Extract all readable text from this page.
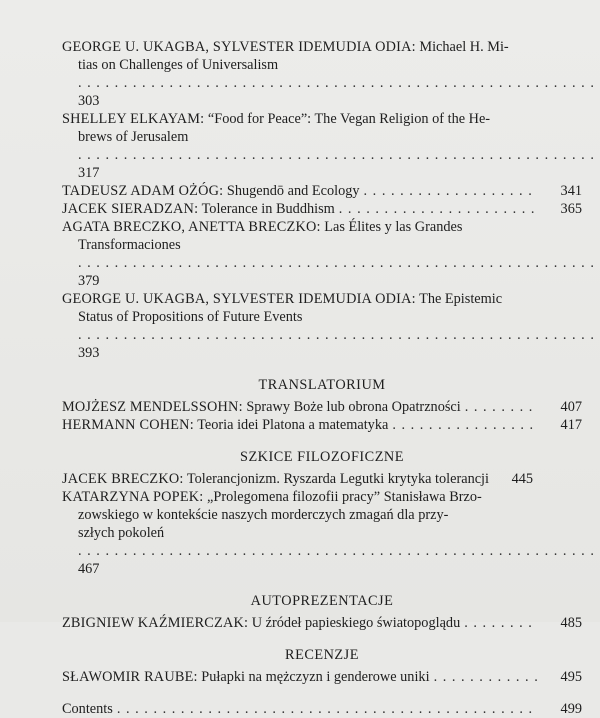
GEORGE U. UKAGBA, SYLVESTER IDEMUDIA ODIA: Michael H. Mi-
tias on Challenges of Universalism . . . 303
SHELLEY ELKAYAM: “Food for Peace”: The Vegan Religion of the He-
brews of Jerusalem . . . 317
TADEUSZ ADAM OŻÓG: Shugendō and Ecology . . .	341
JACEK SIERADZAN: Tolerance in Buddhism . . .	365
AGATA BRECZKO, ANETTA BRECZKO: Las Élites y las Grandes
Transformaciones . . . 379
GEORGE U. UKAGBA, SYLVESTER IDEMUDIA ODIA: The Epistemic
Status of Propositions of Future Events . . . 393
TRANSLATORIUM
MOJŻESZ MENDELSSOHN: Sprawy Boże lub obrona Opatrzności . . .	407
HERMANN COHEN: Teoria idei Platona a matematyka . . .	417
SZKICE FILOZOFICZNE
JACEK BRECZKO: Tolerancjonizm. Ryszarda Legutki krytyka tolerancji	445
KATARZYNA POPEK: „Prolegomena filozofii pracy” Stanisława Brzo-
zowskiego w kontekście naszych morderczych zmagań dla przy-
szłych pokoleń . . . 467
AUTOPREZENTACJE
ZBIGNIEW KAŹMIERCZAK: U źródeł papieskiego światopoglądu . . .	485
RECENZJE
SŁAWOMIR RAUBE: Pułapki na mężczyzn i genderowe uniki . . .	495
Contents . . .	499
